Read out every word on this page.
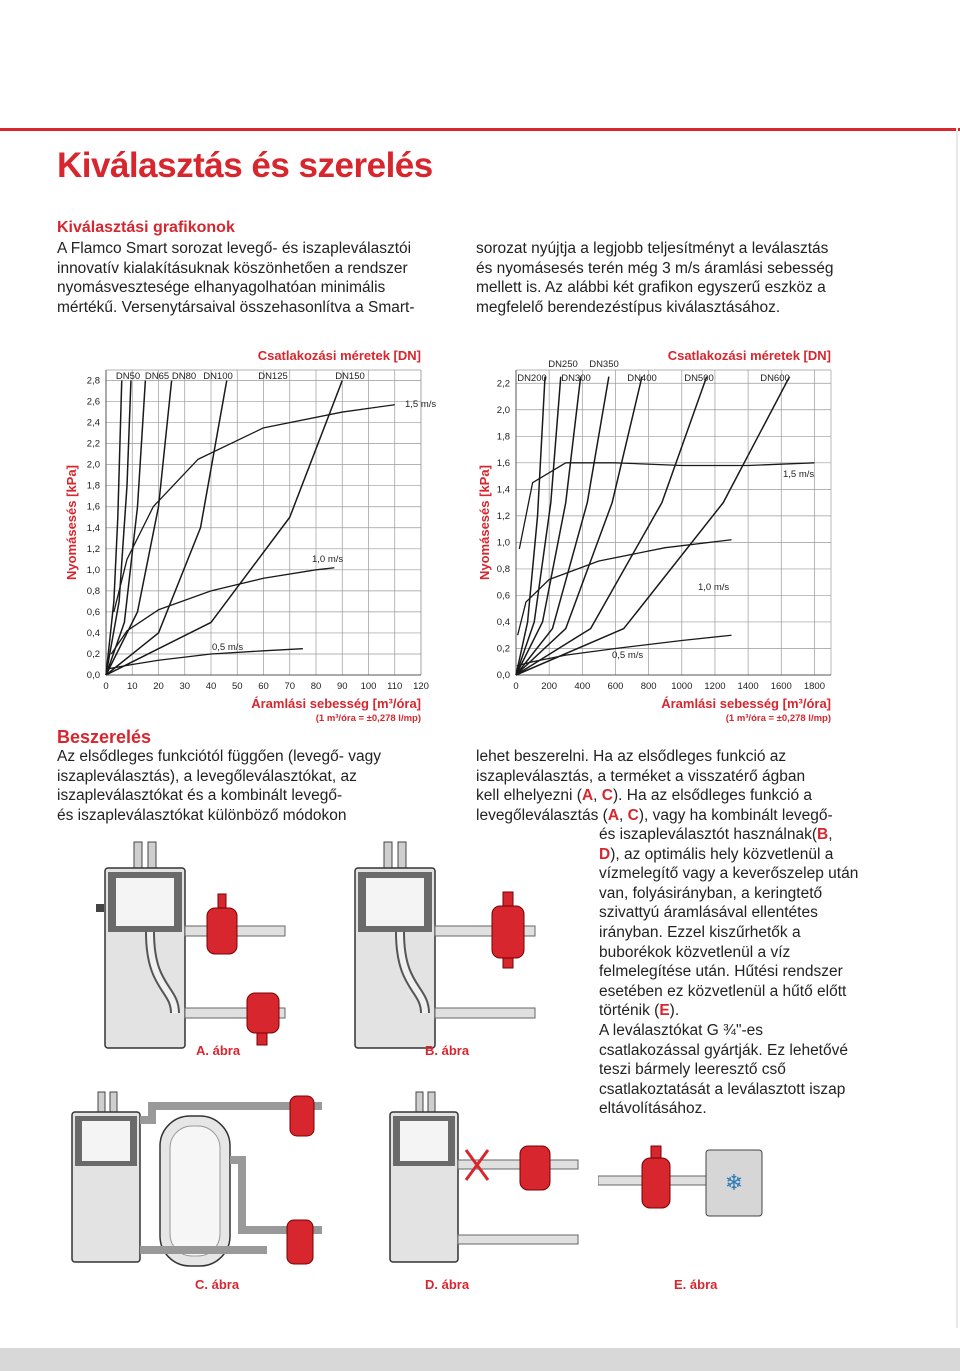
Kiválasztás és szerelés
Kiválasztási grafikonok
A Flamco Smart sorozat levegő- és iszapleválasztói
innovatív kialakításuknak köszönhetően a rendszer
nyomásvesztesége elhanyagolhatóan minimális
mértékű. Versenytársaival összehasonlítva a Smart-
sorozat nyújtja a legjobb teljesítményt a leválasztás
és nyomásesés terén még 3 m/s áramlási sebesség
mellett is. Az alábbi két grafikon egyszerű eszköz a
megfelelő berendezéstípus kiválasztásához.
0 10 20 30 40 50 60 70 80 90 100 110 120
0,0
0,2
0,4
0,6
0,8
1,0
1,2
1,4
1,6
1,8
2,0
2,2
2,4
2,6
2,8 DN50 DN65 DN80 DN100	DN125	DN150
0,5 m/s
1,0 m/s
1,5 m/s
Csatlakozási méretek [DN]
Áramlási sebesség [m³/óra]
(1 m³/óra = ±0,278 l/mp)
Nyomásesés [kPa]
0 200 400 600 800 1000 1200 1400 1600 1800
0,0
0,2
0,4
0,6
0,8
1,0
1,2
1,4
1,6
1,8
2,0
2,2 DN200
DN250
DN300
DN350
DN400	DN500	DN600
0,5 m/s
1,0 m/s
1,5 m/s
Csatlakozási méretek [DN]
Áramlási sebesség [m³/óra]
(1 m³/óra = ±0,278 l/mp)
Nyomásesés [kPa]
Beszerelés
Az elsődleges funkciótól függően (levegő- vagy
iszapleválasztás), a levegőleválasztókat, az
iszapleválasztókat és a kombinált levegő-
és iszapleválasztókat különböző módokon
lehet beszerelni. Ha az elsődleges funkció az
iszapleválasztás, a terméket a visszatérő ágban
kell elhelyezni (A, C). Ha az elsődleges funkció a
levegőleválasztás (A, C), vagy ha kombinált levegő-
és iszapleválasztót használnak(B,
D), az optimális hely közvetlenül a
vízmelegítő vagy a keverőszelep után
van, folyásirányban, a keringtető
szivattyú áramlásával ellentétes
irányban. Ezzel kiszűrhetők a
buborékok közvetlenül a víz
felmelegítése után. Hűtési rendszer
esetében ez közvetlenül a hűtő előtt
történik (E).
A leválasztókat G ¾"-es
csatlakozással gyártják. Ez lehetővé
teszi bármely leeresztő cső
csatlakoztatását a leválasztott iszap
eltávolításához.
A. ábra	B. ábra
C. ábra	D. ábra
❄
E. ábra
